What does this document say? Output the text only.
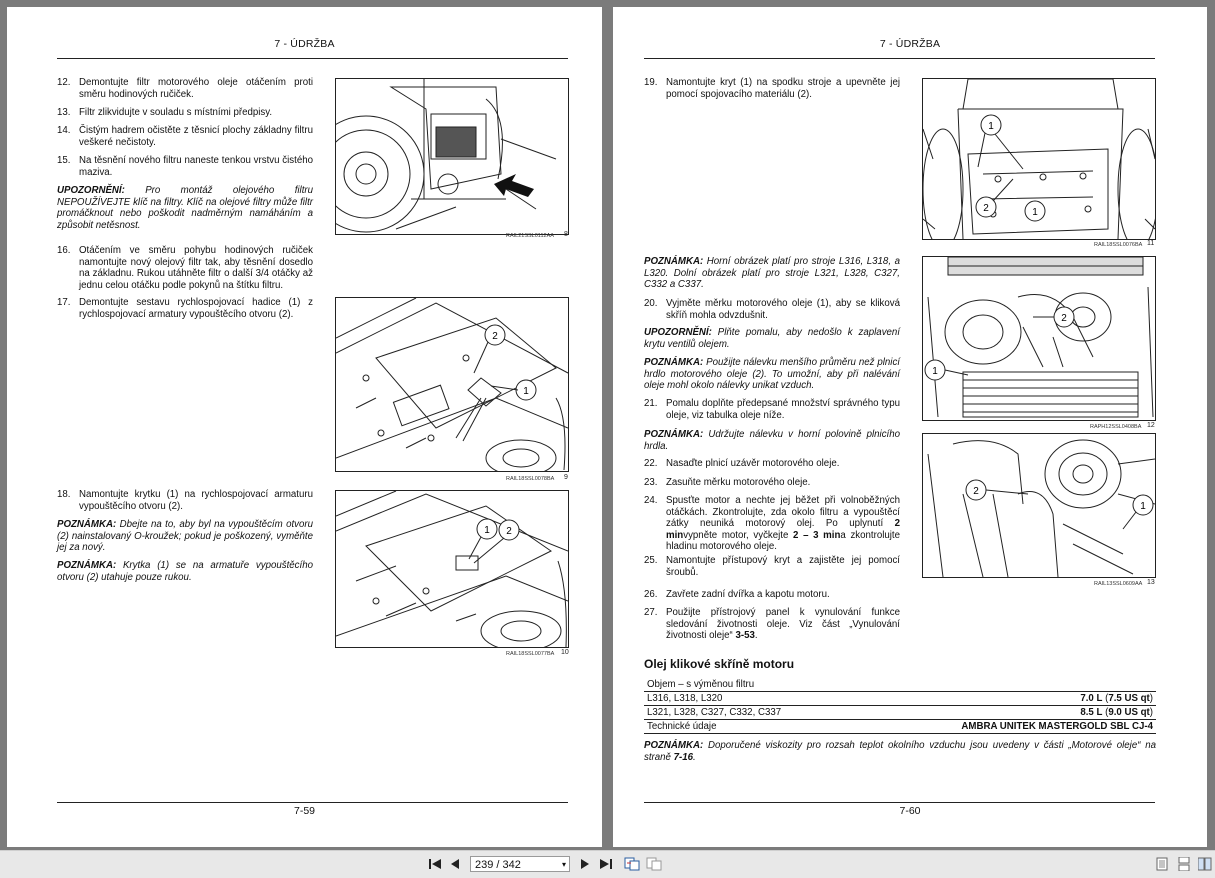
7 - ÚDRŽBA
12. Demontujte filtr motorového oleje otáčením proti směru hodinových ručiček.
13. Filtr zlikvidujte v souladu s místními předpisy.
14. Čistým hadrem očistěte z těsnicí plochy základny filtru veškeré nečistoty.
15. Na těsnění nového filtru naneste tenkou vrstvu čistého maziva.
UPOZORNĚNÍ: Pro montáž olejového filtru NEPOUŽÍVEJTE klíč na filtry. Klíč na olejové filtry může filtr promáčknout nebo poškodit nadměrným namáháním a způsobit netěsnost.
RAIL21SSL0112AA 8
16. Otáčením ve směru pohybu hodinových ručiček namontujte nový olejový filtr tak, aby těsnění dosedlo na základnu. Rukou utáhněte filtr o další 3/4 otáčky až jednu celou otáčku podle pokynů na štítku filtru.
17. Demontujte sestavu rychlospojovací hadice (1) z rychlospojovací armatury vypouštěcího otvoru (2).
2
1
RAIL18SSL0078BA 9
18. Namontujte krytku (1) na rychlospojovací armaturu vypouštěcího otvoru (2).
POZNÁMKA: Dbejte na to, aby byl na vypouštěcím otvoru (2) nainstalovaný O-kroužek; pokud je poškozený, vyměňte jej za nový.
POZNÁMKA: Krytka (1) se na armatuře vypouštěcího otvoru (2) utahuje pouze rukou.
1 2
RAIL18SSL0077BA 10
7-59
7 - ÚDRŽBA
19. Namontujte kryt (1) na spodku stroje a upevněte jej pomocí spojovacího materiálu (2).
1
2	1
RAIL18SSL0076BA 11
POZNÁMKA: Horní obrázek platí pro stroje L316, L318, a L320. Dolní obrázek platí pro stroje L321, L328, C327, C332 a C337.
20. Vyjměte měrku motorového oleje (1), aby se kliková skříň mohla odvzdušnit.
UPOZORNĚNÍ: Plňte pomalu, aby nedošlo k zaplavení krytu ventilů olejem.
POZNÁMKA: Použijte nálevku menšího průměru než plnicí hrdlo motorového oleje (2). To umožní, aby při nalévání oleje mohl okolo nálevky unikat vzduch.
21. Pomalu doplňte předepsané množství správného typu oleje, viz tabulka oleje níže.
POZNÁMKA: Udržujte nálevku v horní polovině plnicího hrdla.
22. Nasaďte plnicí uzávěr motorového oleje.
23. Zasuňte měrku motorového oleje.
24. Spusťte motor a nechte jej běžet při volnoběžných otáčkách. Zkontrolujte, zda okolo filtru a vypouštěcí zátky neuniká motorový olej. Po uplynutí 2 minvypněte motor, vyčkejte 2 – 3 mina zkontrolujte hladinu motorového oleje.
25. Namontujte přístupový kryt a zajistěte jej pomocí šroubů.
26. Zavřete zadní dvířka a kapotu motoru.
27. Použijte přístrojový panel k vynulování funkce sledování životnosti oleje. Viz část „Vynulování životnosti oleje“ 3-53.
2
1
RAPH12SSL0408BA 12
2
1
RAIL13SSL0609AA 13
Olej klikové skříně motoru
Objem – s výměnou filtru	
L316, L318, L320	7.0 L (7.5 US qt)
L321, L328, C327, C332, C337	8.5 L (9.0 US qt)
Technické údaje	AMBRA UNITEK MASTERGOLD SBL CJ-4
POZNÁMKA: Doporučené viskozity pro rozsah teplot okolního vzduchu jsou uvedeny v části „Motorové oleje“ na straně 7-16.
7-60
239 / 342	▾
